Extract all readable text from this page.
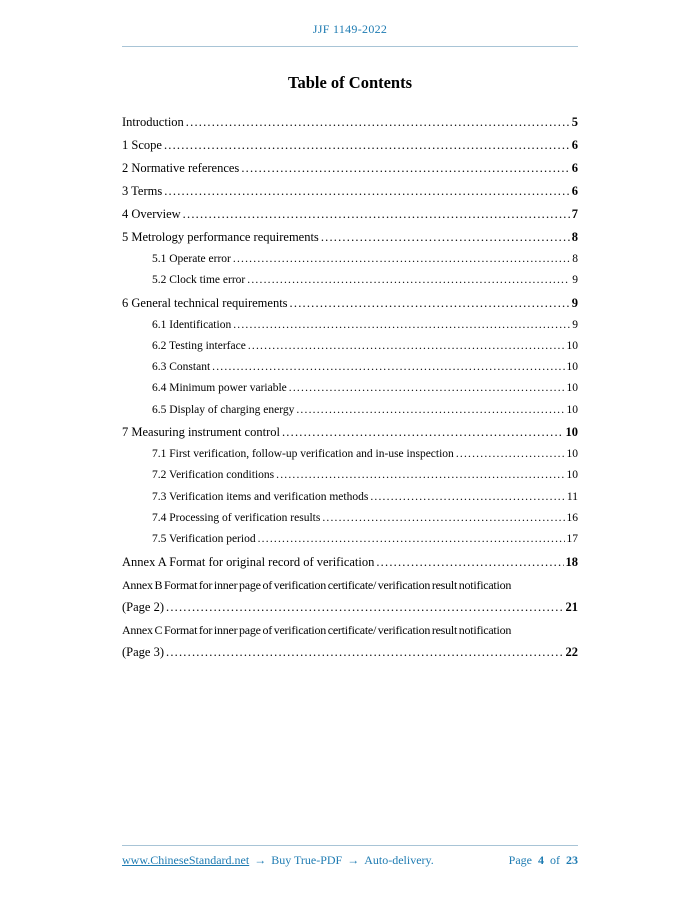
JJF 1149-2022
Table of Contents
Introduction .....	5
1 Scope .....	6
2 Normative references .....	6
3 Terms .....	6
4 Overview .....	7
5 Metrology performance requirements .....	8
5.1 Operate error .....	8
5.2 Clock time error .....	9
6 General technical requirements .....	9
6.1 Identification .....	9
6.2 Testing interface .....	10
6.3 Constant .....	10
6.4 Minimum power variable .....	10
6.5 Display of charging energy .....	10
7 Measuring instrument control .....	10
7.1 First verification, follow-up verification and in-use inspection .....	10
7.2 Verification conditions .....	10
7.3 Verification items and verification methods .....	11
7.4 Processing of verification results .....	16
7.5 Verification period .....	17
Annex A Format for original record of verification .....	18
Annex B Format for inner page of verification certificate/ verification result notification
(Page 2) .....	21
Annex C Format for inner page of verification certificate/ verification result notification
(Page 3) .....	22
www.ChineseStandard.net → Buy True-PDF → Auto-delivery.	Page 4 of 23
